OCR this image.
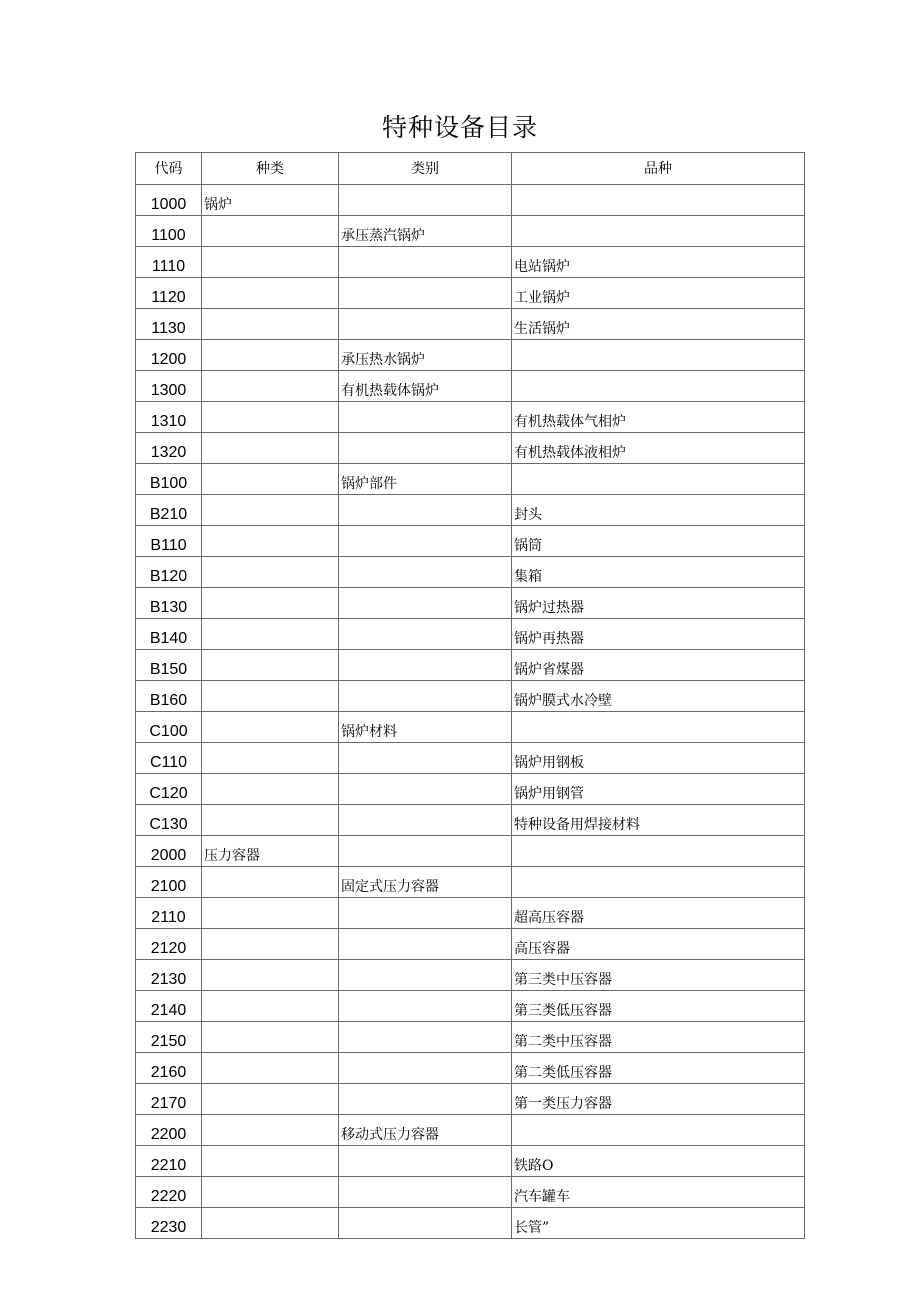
特种设备目录
代码	种类	类别	品种
1000	锅炉		
1100		承压蒸汽锅炉	
1110			电站锅炉
1120			工业锅炉
1130			生活锅炉
1200		承压热水锅炉	
1300		有机热载体锅炉	
1310			有机热载体气相炉
1320			有机热载体液相炉
B100		锅炉部件	
B210			封头
B110			锅筒
B120			集箱
B130			锅炉过热器
B140			锅炉再热器
B150			锅炉省煤器
B160			锅炉膜式水冷壁
C100		锅炉材料	
C110			锅炉用钢板
C120			锅炉用钢管
C130			特种设备用焊接材料
2000	压力容器		
2100		固定式压力容器	
2110			超高压容器
2120			高压容器
2130			第三类中压容器
2140			第三类低压容器
2150			第二类中压容器
2160			第二类低压容器
2170			第一类压力容器
2200		移动式压力容器	
2210			铁路O
2220			汽车罐车
2230			长管”
